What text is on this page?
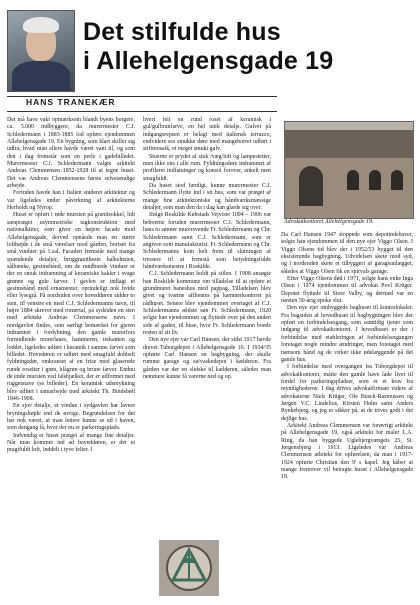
Det stilfulde hus
i Allehelgensgade 19
HANS TRANEKÆR

Det må have vakt opmærksom blandt byens borgere, ca. 5.000 indbyggere, da murermester C.J. Schledermann i 1883-1885 lod opføre ejendommen Allehelgensgade 19. En bygning, som klart skiller sig udfra, hvad man ellers havde været vant til, og som den i dag fremstår som en perle i gadebilledet. Murermester C.J. Schledermann valgte arkitekt Andreas Clemmensen 1852-1928 til at tegne huset. Det var Andreas Clemmensens første selvstændige arbejde.

Forinden havde han i Italien studeret arkitektur og var ligeledes under påvirkning af arkitekterne Herholdt og Nyrop.

Huset er opført i røde mursten på granitsokkel, lidt sænpræget usymmetriske tagkonstruktion med nationalkitter, som giver en højere facade mod Allehelgensgade, derved opnåede man en større lofthøjde i de små værelser mod gården, bortset fra små vinduer på 1.sal. Facaden fremstår med mange spændende detaljer, bruggranitheste halkehtsten, sålbænke, gesimsbånd, om de rundbuede vinduer er der en smuk indramning af keramiske kakler i svage grønne og gule farver. I gavlen er indlagt et gesimsbånd med ornamenter, oprindeligt nok hvide eller lysegrå. På nordsiden over hoveddøren sidder to sten, til venstre en med C.J. Schledermanns navn, til højre 1884 skrevet med romertal, på sydsiden en sten med arkitekt Andreas Clemmensens navn. I nordgavlen findes, som særligt bemærket for gjeren indramnet i fordybning, den gamle murerfors formidlende murerlaues, hammeren, trekanten og loddet, ligeledes udført i keramik i samme farver som billedet. Hovedøren er udført med smagfuld dobbelt fyldningsdør, omkranset af en frise med glaserede runde rosetter i grøn, blågrøn og brune farver. Endnu de ende mursten ved falsbjælket, der er udformet med ruggetstave (se billeder). En keramisk udsmykning blev udført i samarbejde med arkitekt Th. Bindsbøll 1846-1908.

En sjov detalje, et vindue i sydgavlen har lavere bryningshøjde end de øvrige. Begrundelsen for det har nok været, at man lettere kunne se ud i haven, som dengang lå, hvor der nu er parkeringsplads.

Indvendig er huset præget af mange fine detaljer. Når man kommer ind ad hoveddøren, er der et pragtfuldt loft, inddelt i tyve felter. I

hvert felt en rund roset af keramisk i gul/gulbrunfarve, en hel unik detalje. Gulvet på indgangsrepsen er belagt med italiensk terrazzo, endvidere ses smukke døre med mangeborret udført i stiftmosaik, et meget smukt gulv.

Stuerne er prydet af stuk /væg/loft og lampestetter, men ikke ens i alle rum. Fyldningsdøre indrammet af profileret indfatninger og konsol forover, enkelt men smagfuldt.

Da huset stod færdigt, kunne murermester C.J. Schledermann flytte ind i sit hus, som var præget af mange fine arkitektoniske og håndværksmæssige detaljer, som man den da i dag kan glæde sig over.

Ifølge Roskilde Købstads Vejviser 1094 – 1906 var beboerne foruden murermester C.J. Schledermann, hans to sønner murersvende Fr. Schledermann og Chr. Schledermann samt C.J. Schledermann, som er angiven som manufakturist. Fr. Schledermann og Chr. Schledermanns kom helt frem til slutningen af tressere til at fremstå som betydningsfulde håndværksmestre i Roskilde.

C.J. Schledermann holdt på stilen. I 1908 ansøgte han Roskilde kommune om tilladelse til at opføre et grundmuret baneshus med pappag. Tilladelsen blev givet og tværne affhentes på kæmnerkontoret på rådhuset. Senere blev ejendommen overtaget af C.J. Schledermanns ældste søn Fr. Schledermann, 1920 solgte han ejendommen og flyttede over på den anden side af gaden, til huse, hvor Fr. Schledermann boede resten af sit liv.

Den nye ejer var Carl Hansen, der sidst 1917 havde drevet Tuborgdepot i Allehelgensgade 16. I 1934/35 opførte Carl Hansen en bagbygning, der skulle rumme garage og sø/vaskedepot i kælderen. Fra gården var der en slidske til kælderen, således man nemmere kunne få varerne ned og op.

Advokatkontoret Allehelgensgade 19.

Da Carl Hansen 1947 stoppede som depotindehaver, solgte han ejendommen til den nye ejer Viggo Olsen. I Viggo Olsens tid blev der i 1952/53 bygget til den eksisterende bagbygning. Udvidelsen skete mod syd, og i nordenden skete et tilbyggeri af garageanlægget, således at Viggo Olsen fik en spirvals garage.

Efter Viggo Olsens død i 1971, solgte hans enke Inga Olsen i 1974 ejendommen til advokat Povl Krüger. Depotet flyttede til Store Valby, og dermed var en næsten 50-årig epoke slut.

Den nye ejer ombyggede baghuset til kontorlokaler. Fra bagsiden af hovedhuset til bagbygningen blev der opført en forbindelsesgang, som samtidig tjener som indgang til advokatkontoret. I hovedhuset er der i forbindelse med etableringen af forbindelsesgangen foretaget nogle mindre ændringer, men foretaget med nænsom hånd og de virker ikke ødelæggende på det gamle hus.

I forbindelse med overgangen fra Tuborgdepot til advokatkontoret, måtte den gamle have lade livet til fordel for parkeringspladser, som er et krav fra myndighederne. I dag drives advokatfirmaet videre af advokaterne Niels Krüger, Ole Busck-Rasmussen og Jørgen V.C. Lindelius, Kirsten Holm samt Anders Rynkebjerg, og jeg er sikker på, at de trives godt i det dejlige hus.

Arkitekt Andreas Clemmensen var forøvrigt arkitekt på Allehelgensgade 19, også arkitekt for maler L.A. Ring, da han byggede Uglebjergvængets 25, St. Jørgensbjerg i 1913. Ligeledes var Andreas Clemmensen arkitekt for opførelsen, da man i 1917-1924 opførte Christian den 9' s kapel. Jeg håber at mange fremover vil betragte huset i Allehelgensgade 19.
